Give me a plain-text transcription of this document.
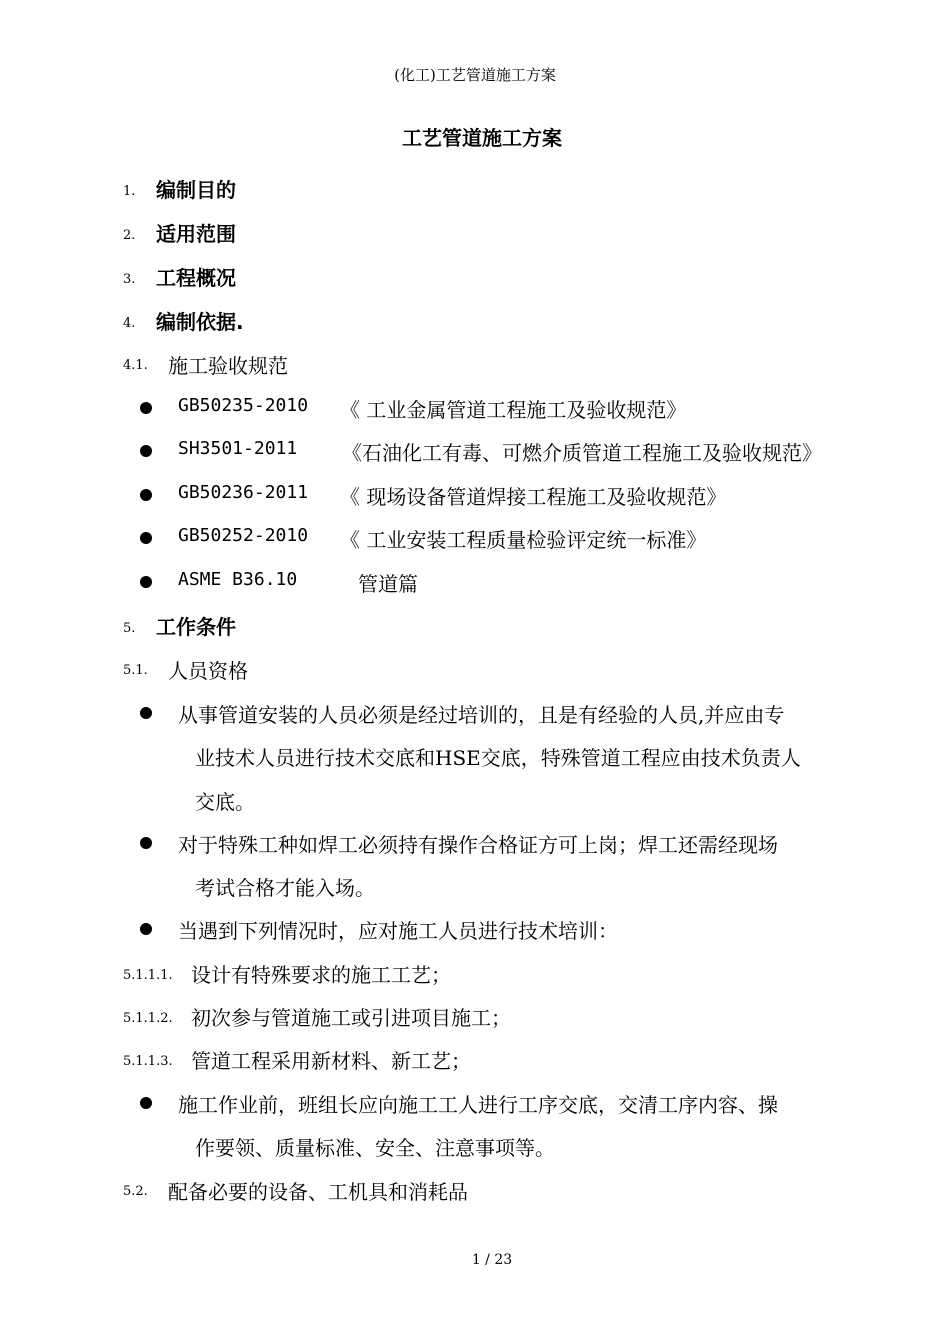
(化工)工艺管道施工方案
工艺管道施工方案
1. 编制目的
2. 适用范围
3. 工程概况
4. 编制依据.
4.1. 施工验收规范
GB50235-2010 《 工业金属管道工程施工及验收规范》
SH3501-2011 《石油化工有毒、可燃介质管道工程施工及验收规范》
GB50236-2011 《 现场设备管道焊接工程施工及验收规范》
GB50252-2010 《 工业安装工程质量检验评定统一标准》
ASME B36.10	管道篇
5. 工作条件
5.1. 人员资格
从事管道安装的人员必须是经过培训的，且是有经验的人员,并应由专
业技术人员进行技术交底和HSE交底，特殊管道工程应由技术负责人
交底。
对于特殊工种如焊工必须持有操作合格证方可上岗；焊工还需经现场
考试合格才能入场。
当遇到下列情况时，应对施工人员进行技术培训：
5.1.1.1. 设计有特殊要求的施工工艺；
5.1.1.2. 初次参与管道施工或引进项目施工；
5.1.1.3. 管道工程采用新材料、新工艺；
施工作业前，班组长应向施工工人进行工序交底，交清工序内容、操
作要领、质量标准、安全、注意事项等。
5.2. 配备必要的设备、工机具和消耗品
1 / 23
